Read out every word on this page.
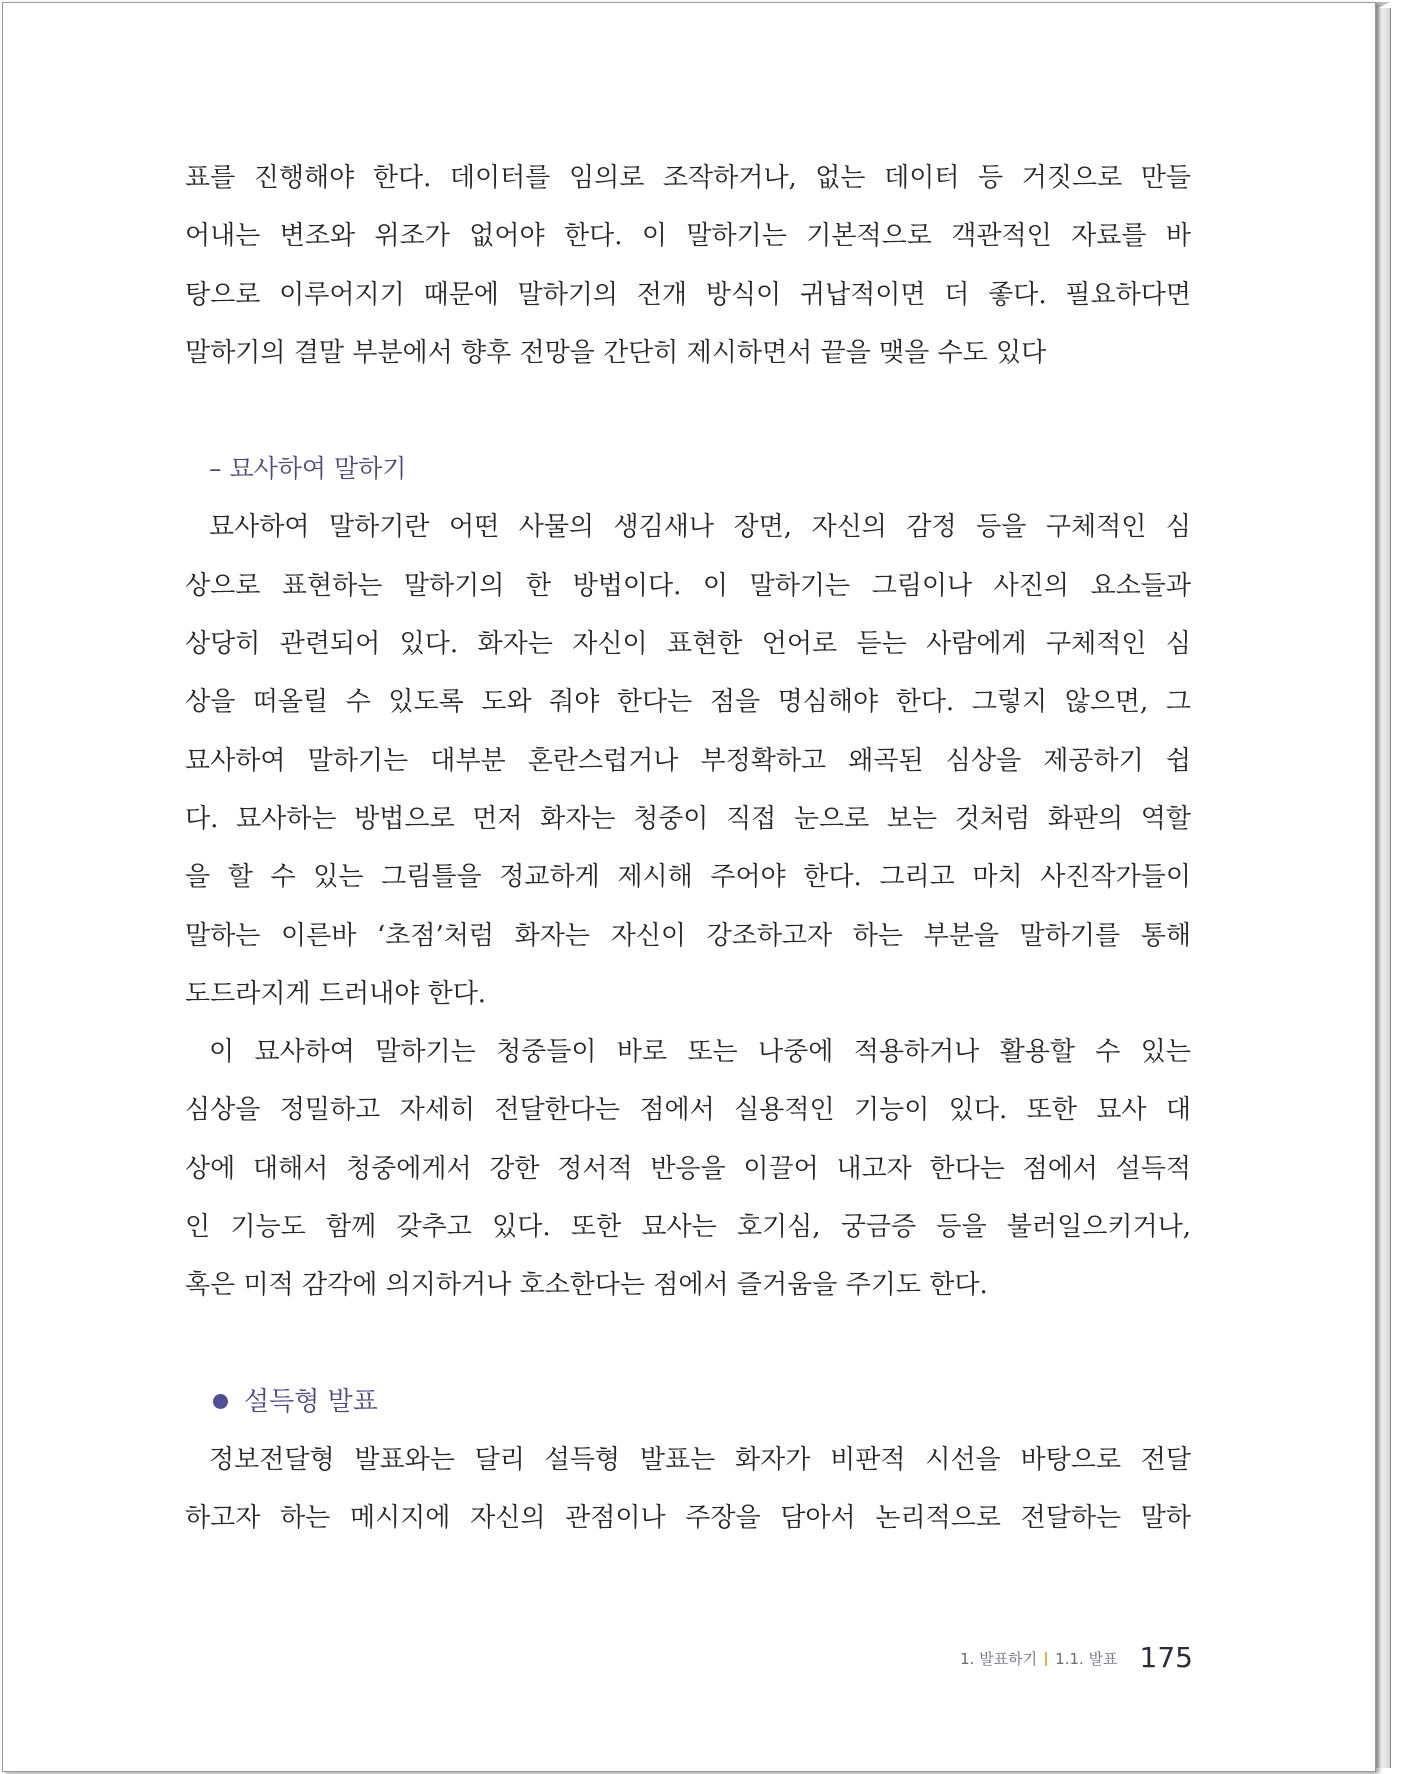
표를 진행해야 한다. 데이터를 임의로 조작하거나, 없는 데이터 등 거짓으로 만들
어내는 변조와 위조가 없어야 한다. 이 말하기는 기본적으로 객관적인 자료를 바
탕으로 이루어지기 때문에 말하기의 전개 방식이 귀납적이면 더 좋다. 필요하다면
말하기의 결말 부분에서 향후 전망을 간단히 제시하면서 끝을 맺을 수도 있다
– 묘사하여 말하기
묘사하여 말하기란 어떤 사물의 생김새나 장면, 자신의 감정 등을 구체적인 심
상으로 표현하는 말하기의 한 방법이다. 이 말하기는 그림이나 사진의 요소들과
상당히 관련되어 있다. 화자는 자신이 표현한 언어로 듣는 사람에게 구체적인 심
상을 떠올릴 수 있도록 도와 줘야 한다는 점을 명심해야 한다. 그렇지 않으면, 그
묘사하여 말하기는 대부분 혼란스럽거나 부정확하고 왜곡된 심상을 제공하기 쉽
다. 묘사하는 방법으로 먼저 화자는 청중이 직접 눈으로 보는 것처럼 화판의 역할
을 할 수 있는 그림틀을 정교하게 제시해 주어야 한다. 그리고 마치 사진작가들이
말하는 이른바 ‘초점’처럼 화자는 자신이 강조하고자 하는 부분을 말하기를 통해
도드라지게 드러내야 한다.
이 묘사하여 말하기는 청중들이 바로 또는 나중에 적용하거나 활용할 수 있는
심상을 정밀하고 자세히 전달한다는 점에서 실용적인 기능이 있다. 또한 묘사 대
상에 대해서 청중에게서 강한 정서적 반응을 이끌어 내고자 한다는 점에서 설득적
인 기능도 함께 갖추고 있다. 또한 묘사는 호기심, 궁금증 등을 불러일으키거나,
혹은 미적 감각에 의지하거나 호소한다는 점에서 즐거움을 주기도 한다.
설득형 발표
정보전달형 발표와는 달리 설득형 발표는 화자가 비판적 시선을 바탕으로 전달
하고자 하는 메시지에 자신의 관점이나 주장을 담아서 논리적으로 전달하는 말하
1. 발표하기 1.1. 발표 175
